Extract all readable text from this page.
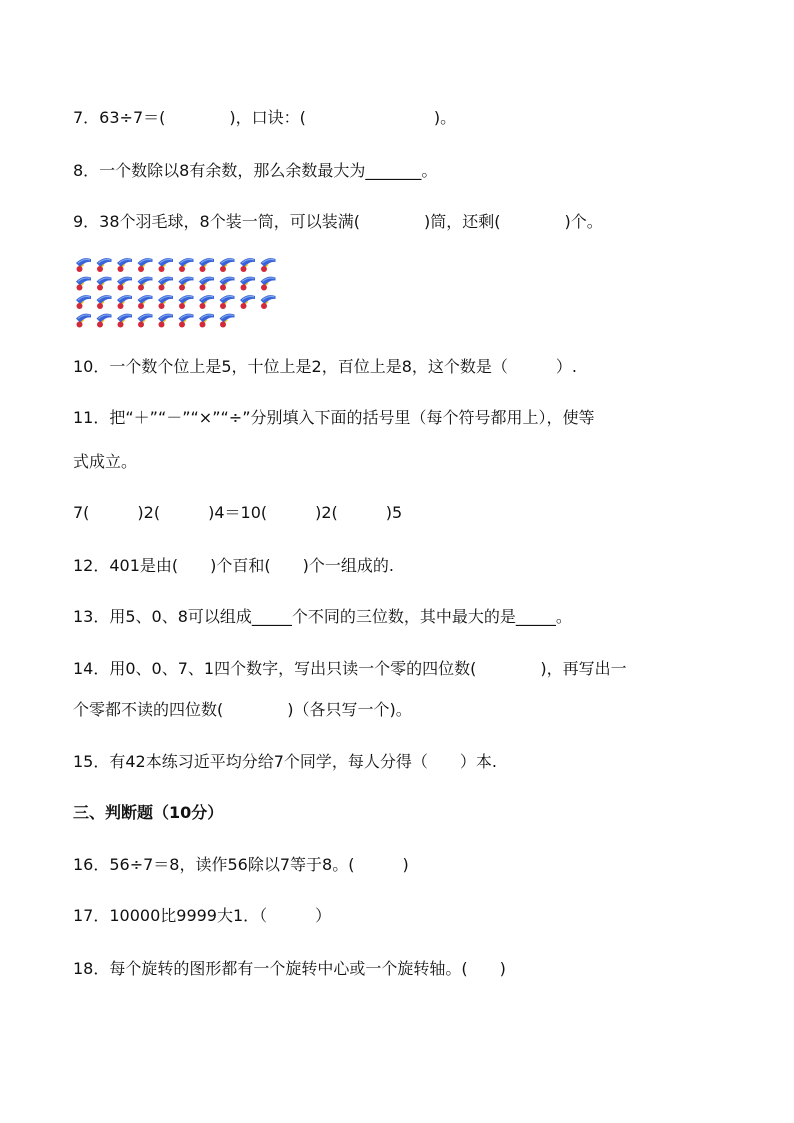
7．63÷7＝(　　　　)，口诀：(　　　　　　　　)。
8．一个数除以8有余数，那么余数最大为_______。
9．38个羽毛球，8个装一筒，可以装满(　　　　)筒，还剩(　　　　)个。
10．一个数个位上是5，十位上是2，百位上是8，这个数是（　　　）.
11．把“＋”“－”“×”“÷”分别填入下面的括号里（每个符号都用上），使等
式成立。
7(　　　)2(　　　)4＝10(　　　)2(　　　)5
12．401是由(　　)个百和(　　)个一组成的.
13．用5、0、8可以组成_____个不同的三位数，其中最大的是_____。
14．用0、0、7、1四个数字，写出只读一个零的四位数(　　　　)，再写出一
个零都不读的四位数(　　　　)（各只写一个)。
15．有42本练习近平均分给7个同学，每人分得（　　）本.
三、判断题（10分）
16．56÷7＝8，读作56除以7等于8。(　　　)
17．10000比9999大1．（　　　）
18．每个旋转的图形都有一个旋转中心或一个旋转轴。(　　)
